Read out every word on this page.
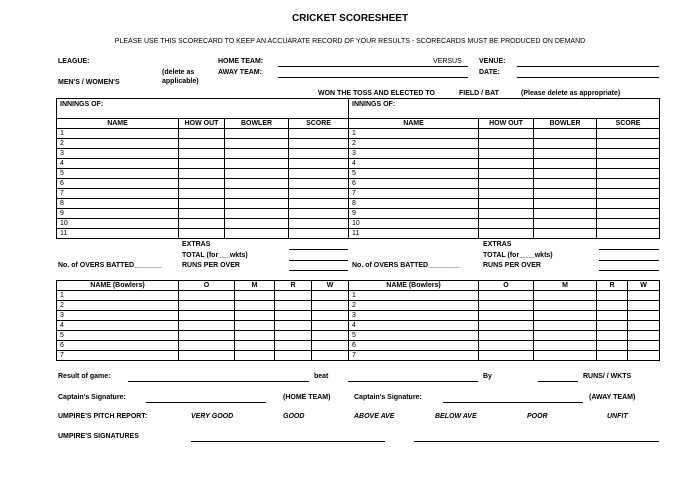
CRICKET SCORESHEET
PLEASE USE THIS SCORECARD TO KEEP AN ACCUARATE RECORD OF YOUR RESULTS - SCORECARDS MUST BE PRODUCED ON DEMAND
LEAGUE:	HOME TEAM:	VERSUS VENUE:
(delete as
applicable)
AWAY TEAM:	DATE:
MEN'S / WOMEN'S
WON THE TOSS AND ELECTED TO	FIELD / BAT	(Please delete as appropriate)
INNINGS OF:			
NAME	HOW OUT	BOWLER	SCORE
1			
2			
3			
4			
5			
6			
7			
8			
9			
10			
11			
INNINGS OF:			
NAME	HOW OUT	BOWLER	SCORE
1			
2			
3			
4			
5			
6			
7			
8			
9			
10			
11			
EXTRAS
TOTAL (for___wkts)
No. of OVERS BATTED_______	RUNS PER OVER
EXTRAS
TOTAL (for____wkts)
No. of OVERS BATTED________	RUNS PER OVER
NAME (Bowlers)	O	M	R	W
1				
2				
3				
4				
5				
6				
7				
NAME (Bowlers)	O	M	R	W
1				
2				
3				
4				
5				
6				
7				
Result of game:	beat	By	RUNS/ / WKTS
Captain's Signature:	(HOME TEAM)	Captain's Signature:	(AWAY TEAM)
UMPIRE'S PITCH REPORT:	VERY GOOD	GOOD	ABOVE AVE	BELOW AVE	POOR	UNFIT
UMPIRE'S SIGNATURES
